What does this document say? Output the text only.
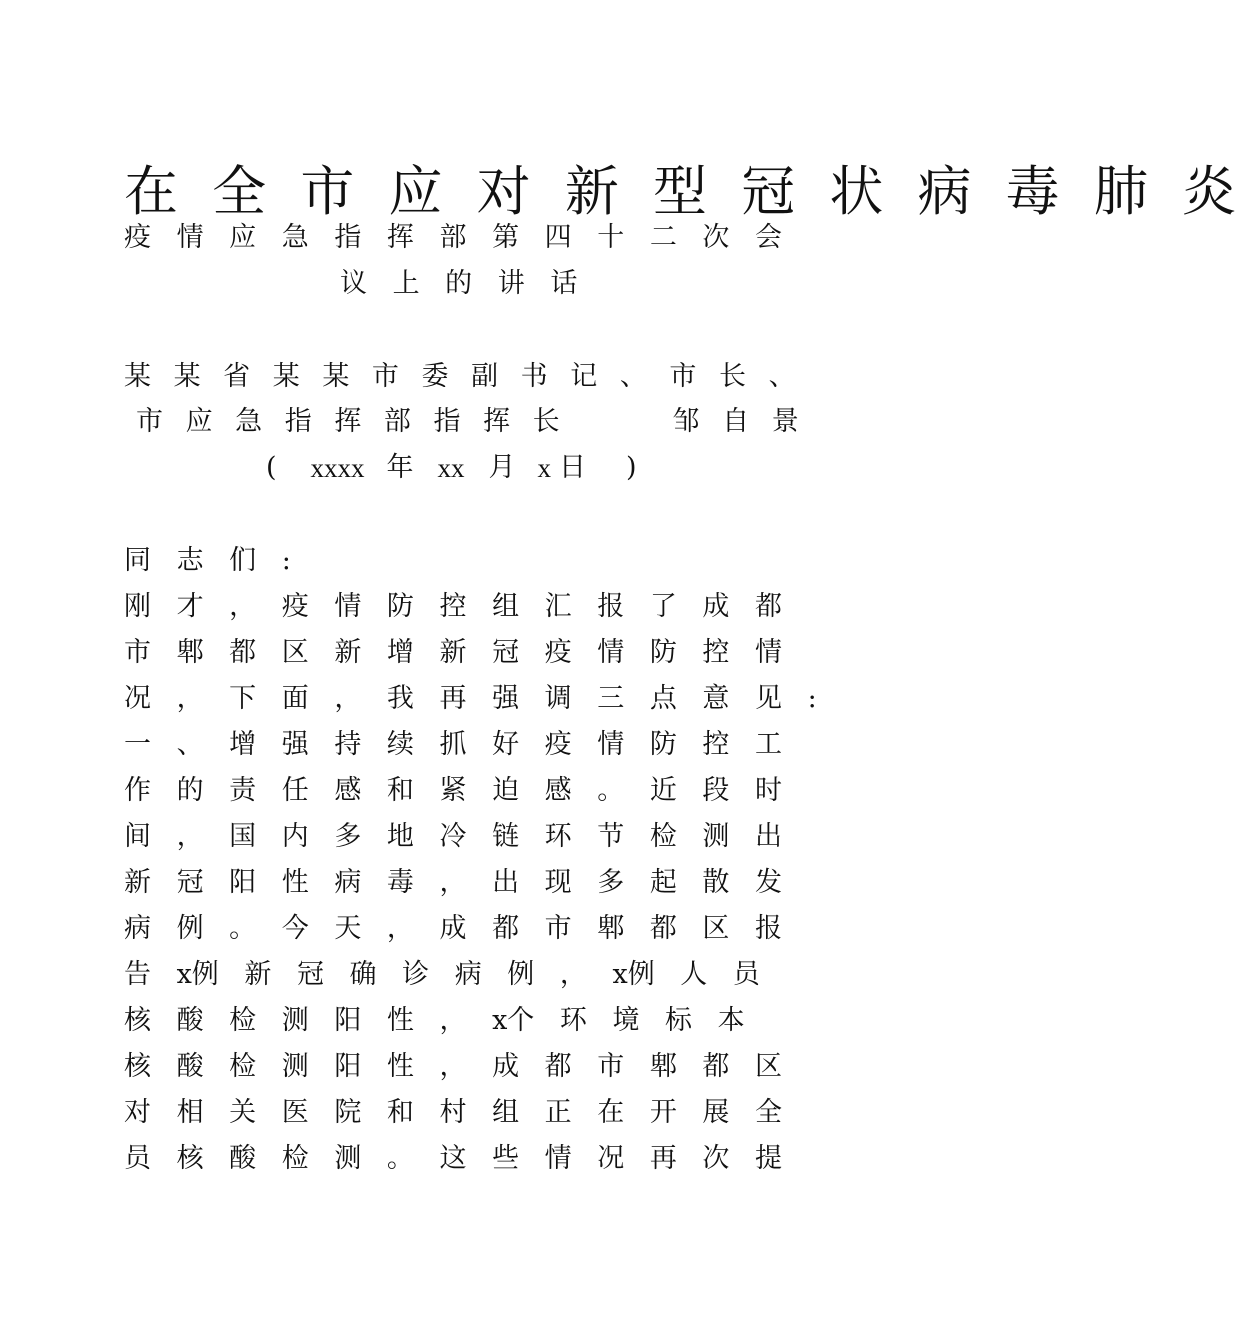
在 全 市 应 对 新 型 冠 状 病 毒 肺 炎
疫 情 应 急 指 挥 部 第 四 十 二 次 会
议 上 的 讲 话
某 某 省 某 某 市 委 副 书 记 、 市 长 、
市 应 急 指 挥 部 指 挥 长     邹 自 景
( xxxx 年 xx 月 x 日 )
同 志 们 :
刚 才 ， 疫 情 防 控 组 汇 报 了 成 都
市 郫 都 区 新 增 新 冠 疫 情 防 控 情
况 ， 下 面 ， 我 再 强 调 三 点 意 见 :
一 、 增 强 持 续 抓 好 疫 情 防 控 工
作 的 责 任 感 和 紧 迫 感 。 近 段 时
间 ， 国 内 多 地 冷 链 环 节 检 测 出
新 冠 阳 性 病 毒 ， 出 现 多 起 散 发
病 例 。 今 天 ， 成 都 市 郫 都 区 报
告 x例 新 冠 确 诊 病 例 ， x例 人 员
核 酸 检 测 阳 性 ， x个 环 境 标 本
核 酸 检 测 阳 性 ， 成 都 市 郫 都 区
对 相 关 医 院 和 村 组 正 在 开 展 全
员 核 酸 检 测 。 这 些 情 况 再 次 提
